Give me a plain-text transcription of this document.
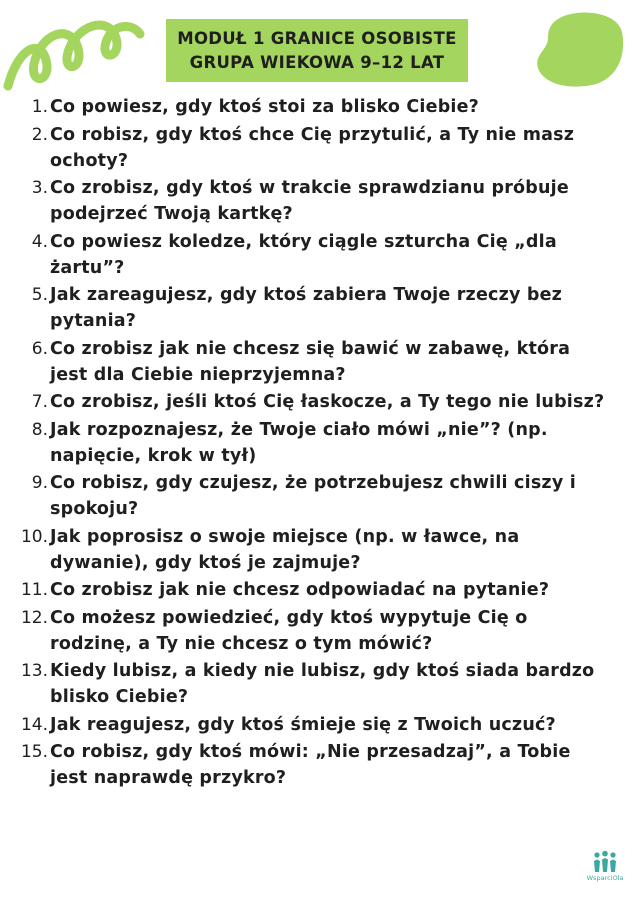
MODUŁ 1 GRANICE OSOBISTE
GRUPA WIEKOWA 9–12 LAT
1. Co powiesz, gdy ktoś stoi za blisko Ciebie?
2. Co robisz, gdy ktoś chce Cię przytulić, a Ty nie masz ochoty?
3. Co zrobisz, gdy ktoś w trakcie sprawdzianu próbuje podejrzeć Twoją kartkę?
4. Co powiesz koledze, który ciągle szturcha Cię „dla żartu”?
5. Jak zareagujesz, gdy ktoś zabiera Twoje rzeczy bez pytania?
6. Co zrobisz jak nie chcesz się bawić w zabawę, która jest dla Ciebie nieprzyjemna?
7. Co zrobisz, jeśli ktoś Cię łaskocze, a Ty tego nie lubisz?
8. Jak rozpoznajesz, że Twoje ciało mówi „nie”? (np. napięcie, krok w tył)
9. Co robisz, gdy czujesz, że potrzebujesz chwili ciszy i spokoju?
10. Jak poprosisz o swoje miejsce (np. w ławce, na dywanie), gdy ktoś je zajmuje?
11. Co zrobisz jak nie chcesz odpowiadać na pytanie?
12. Co możesz powiedzieć, gdy ktoś wypytuje Cię o rodzinę, a Ty nie chcesz o tym mówić?
13. Kiedy lubisz, a kiedy nie lubisz, gdy ktoś siada bardzo blisko Ciebie?
14. Jak reagujesz, gdy ktoś śmieje się z Twoich uczuć?
15. Co robisz, gdy ktoś mówi: „Nie przesadzaj”, a Tobie jest naprawdę przykro?
WsparciOla
